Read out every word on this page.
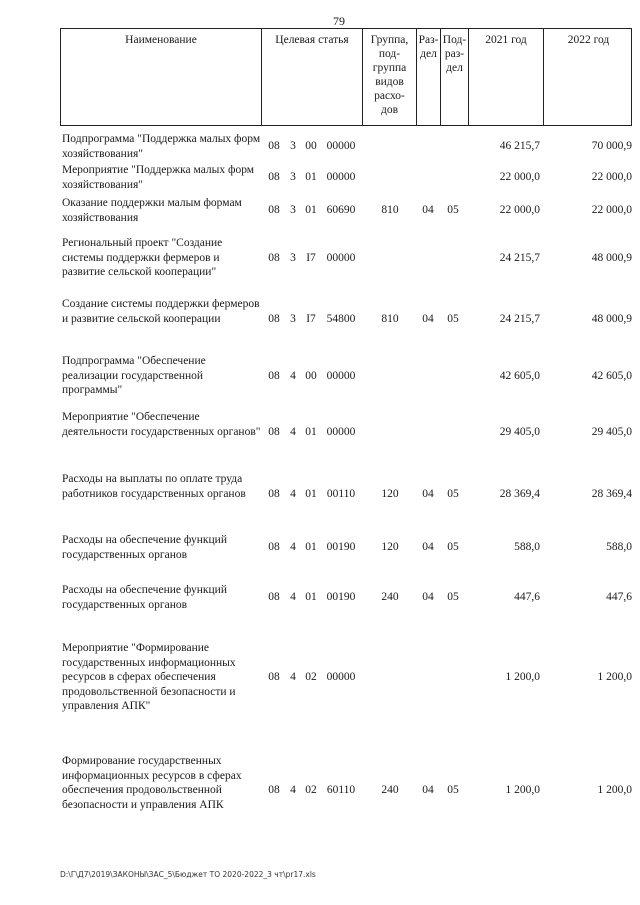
79
Наименование	Целевая статья	Группа,
под-
группа
видов
расхо-
дов
Раз-
дел
Под-
раз-
дел
2021 год	2022 год
Подпрограмма "Поддержка малых форм хозяйствования"
08 3 00 00000	46 215,7	70 000,9
Мероприятие "Поддержка малых форм хозяйствования"
08 3 01 00000	22 000,0	22 000,0
Оказание поддержки малым формам хозяйствования
08 3 01 60690	810	04	05	22 000,0	22 000,0
Региональный проект "Создание системы поддержки фермеров и развитие сельской кооперации"
08 3 I7 00000	24 215,7	48 000,9
Создание системы поддержки фермеров и развитие сельской кооперации	08 3 I7 54800	810	04	05	24 215,7	48 000,9
Подпрограмма "Обеспечение реализации государственной программы"
08 4 00 00000	42 605,0	42 605,0
Мероприятие "Обеспечение деятельности государственных органов" 08 4 01 00000	29 405,0	29 405,0
Расходы на выплаты по оплате труда работников государственных органов	08 4 01 00110	120	04	05	28 369,4	28 369,4
Расходы на обеспечение функций государственных органов
08 4 01 00190	120	04	05	588,0	588,0
Расходы на обеспечение функций государственных органов
08 4 01 00190	240	04	05	447,6	447,6
Мероприятие "Формирование государственных информационных ресурсов в сферах обеспечения продовольственной безопасности и управления АПК"
08 4 02 00000	1 200,0	1 200,0
Формирование государственных информационных ресурсов в сферах обеспечения продовольственной безопасности и управления АПК
08 4 02 60110	240	04	05	1 200,0	1 200,0
D:\Г\Д7\2019\ЗАКОНЫ\ЗАС_5\Бюджет ТО 2020-2022_3 чт\pr17.xls
